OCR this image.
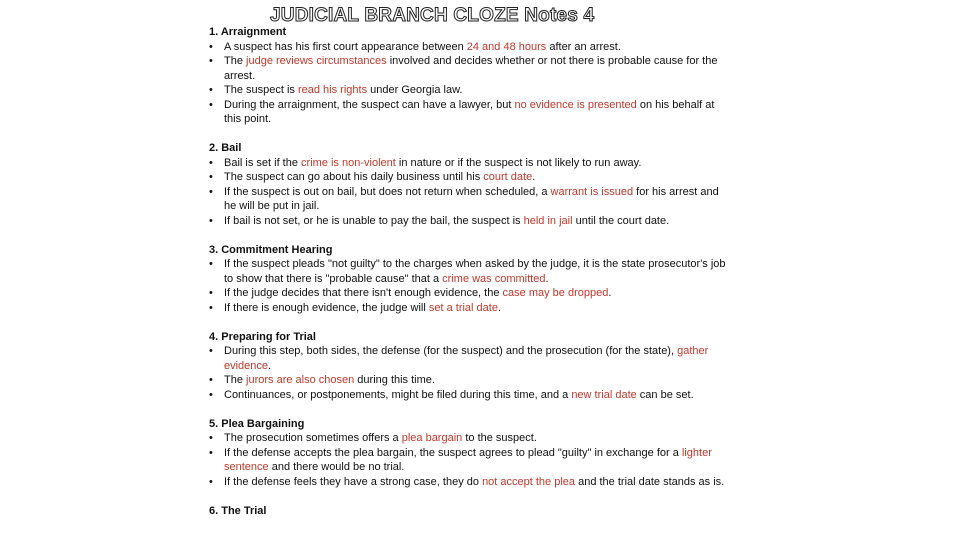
JUDICIAL BRANCH CLOZE Notes 4
1. Arraignment
• A suspect has his first court appearance between 24 and 48 hours after an arrest.
• The judge reviews circumstances involved and decides whether or not there is probable cause for the arrest.
• The suspect is read his rights under Georgia law.
• During the arraignment, the suspect can have a lawyer, but no evidence is presented on his behalf at this point.
2. Bail
• Bail is set if the crime is non-violent in nature or if the suspect is not likely to run away.
• The suspect can go about his daily business until his court date.
• If the suspect is out on bail, but does not return when scheduled, a warrant is issued for his arrest and he will be put in jail.
• If bail is not set, or he is unable to pay the bail, the suspect is held in jail until the court date.
3. Commitment Hearing
• If the suspect pleads "not guilty" to the charges when asked by the judge, it is the state prosecutor's job to show that there is "probable cause" that a crime was committed.
• If the judge decides that there isn't enough evidence, the case may be dropped.
• If there is enough evidence, the judge will set a trial date.
4. Preparing for Trial
• During this step, both sides, the defense (for the suspect) and the prosecution (for the state), gather evidence.
• The jurors are also chosen during this time.
• Continuances, or postponements, might be filed during this time, and a new trial date can be set.
5. Plea Bargaining
• The prosecution sometimes offers a plea bargain to the suspect.
• If the defense accepts the plea bargain, the suspect agrees to plead "guilty" in exchange for a lighter sentence and there would be no trial.
• If the defense feels they have a strong case, they do not accept the plea and the trial date stands as is.
6. The Trial
